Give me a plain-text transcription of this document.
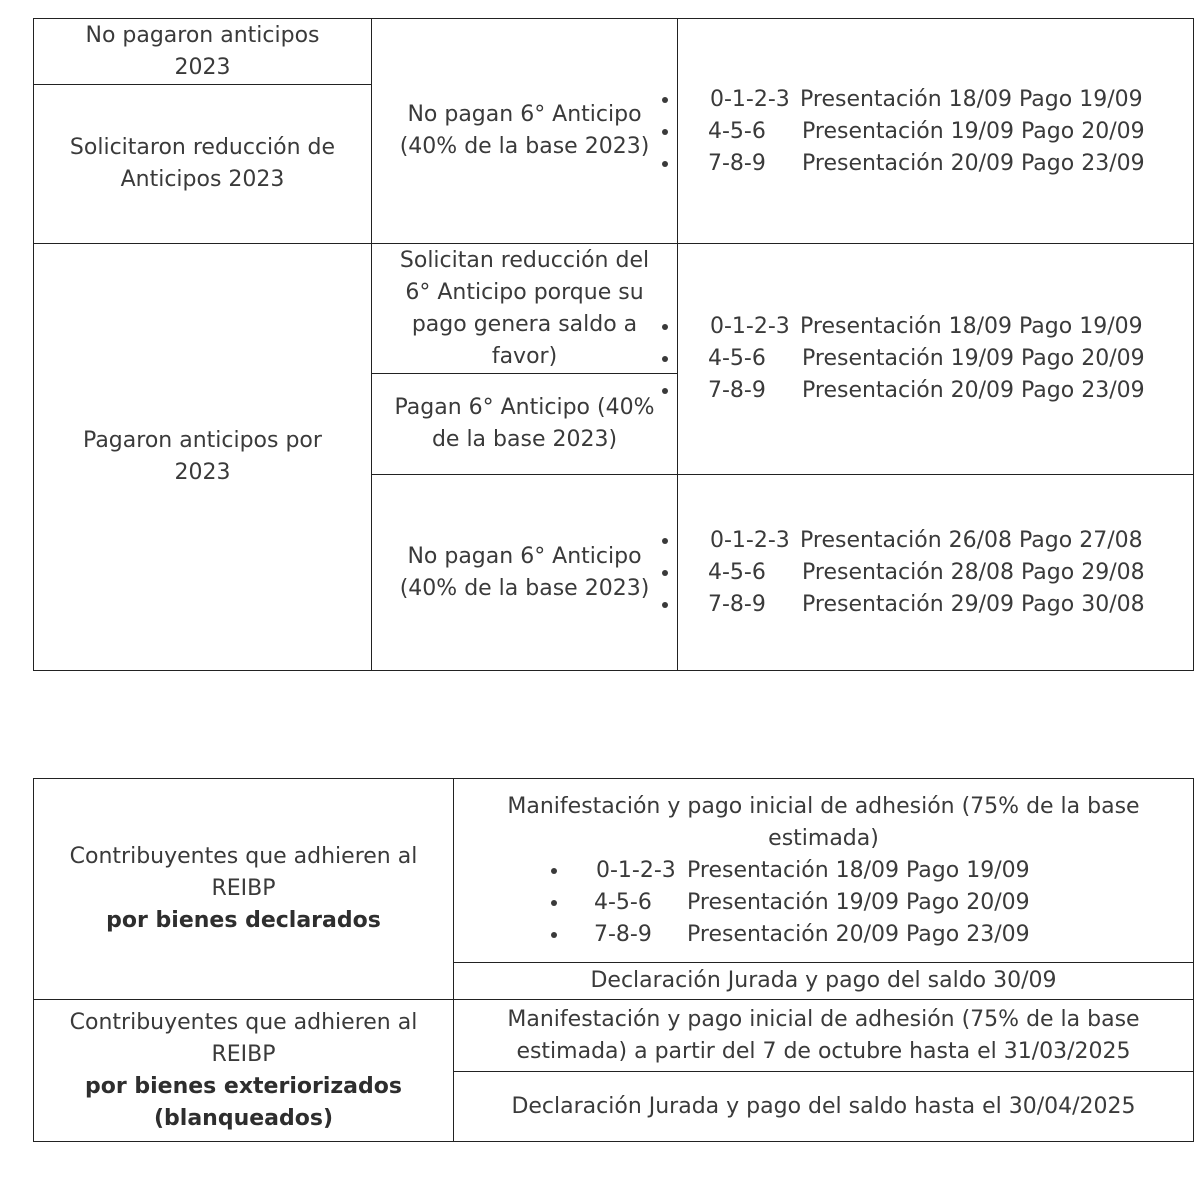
No pagaron anticipos 2023
Solicitaron reducción de Anticipos 2023
Pagaron anticipos por 2023
No pagan 6° Anticipo (40% de la base 2023)
Solicitan reducción del 6° Anticipo porque su pago genera saldo a favor)
Pagan 6° Anticipo (40% de la base 2023)
No pagan 6° Anticipo (40% de la base 2023)
0-1-2-3 Presentación 18/09 Pago 19/09
4-5-6 Presentación 19/09 Pago 20/09
7-8-9 Presentación 20/09 Pago 23/09
0-1-2-3 Presentación 18/09 Pago 19/09
4-5-6 Presentación 19/09 Pago 20/09
7-8-9 Presentación 20/09 Pago 23/09
0-1-2-3 Presentación 26/08 Pago 27/08
4-5-6 Presentación 28/08 Pago 29/08
7-8-9 Presentación 29/09 Pago 30/08
Contribuyentes que adhieren al REIBP
por bienes declarados
Manifestación y pago inicial de adhesión (75% de la base estimada)
0-1-2-3 Presentación 18/09 Pago 19/09
4-5-6 Presentación 19/09 Pago 20/09
7-8-9 Presentación 20/09 Pago 23/09
Declaración Jurada y pago del saldo 30/09
Contribuyentes que adhieren al REIBP
por bienes exteriorizados (blanqueados)
Manifestación y pago inicial de adhesión (75% de la base estimada) a partir del 7 de octubre hasta el 31/03/2025
Declaración Jurada y pago del saldo hasta el 30/04/2025
